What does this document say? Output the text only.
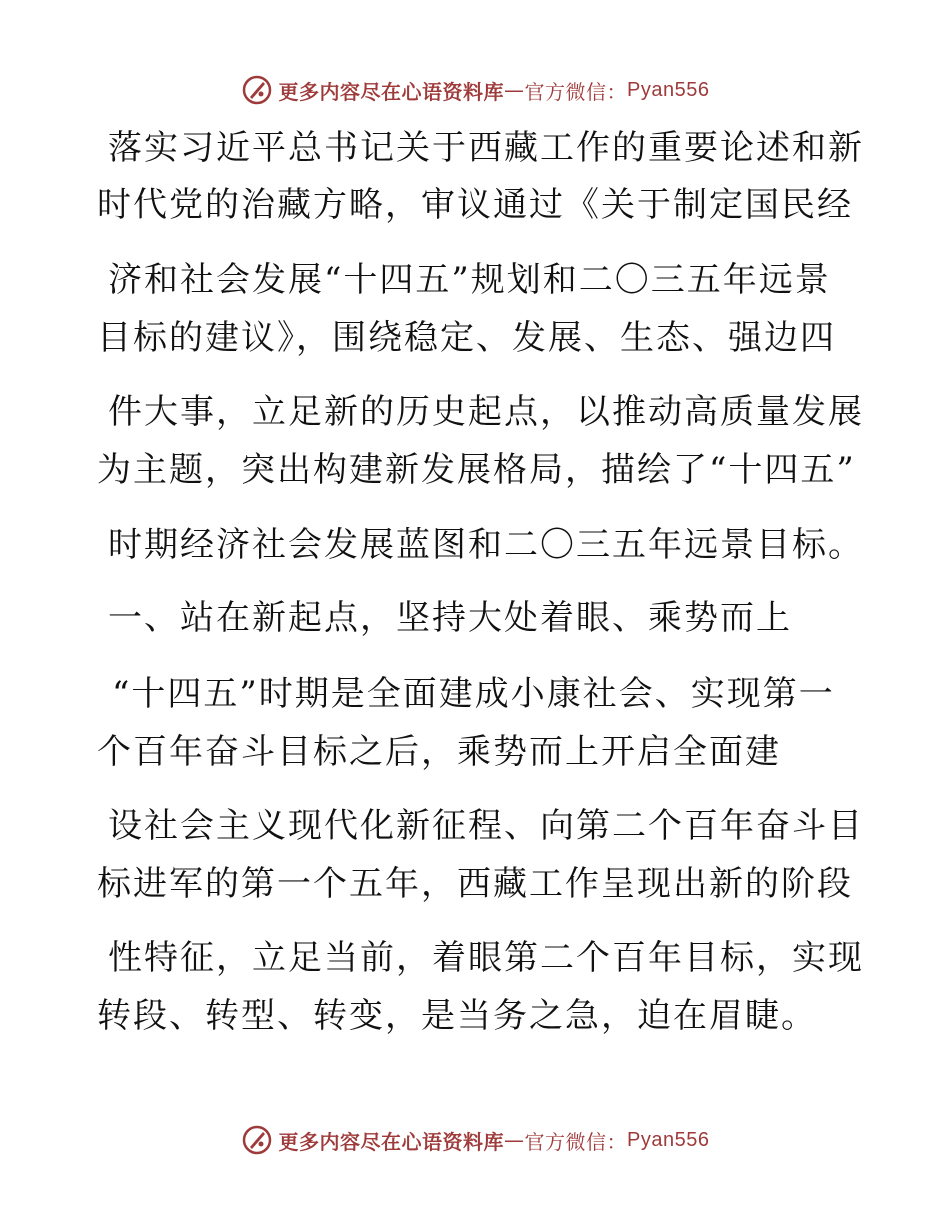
更多内容尽在心语资料库 — 官方微信： Pyan556
落实习近平总书记关于西藏工作的重要论述和新
时代党的治藏方略，审议通过《关于制定国民经
济和社会发展“十四五”规划和二〇三五年远景
目标的建议》，围绕稳定、发展、生态、强边四
件大事，立足新的历史起点，以推动高质量发展
为主题，突出构建新发展格局，描绘了“十四五”
时期经济社会发展蓝图和二〇三五年远景目标。
一、站在新起点，坚持大处着眼、乘势而上
“十四五”时期是全面建成小康社会、实现第一
个百年奋斗目标之后，乘势而上开启全面建
设社会主义现代化新征程、向第二个百年奋斗目
标进军的第一个五年，西藏工作呈现出新的阶段
性特征，立足当前，着眼第二个百年目标，实现
转段、转型、转变，是当务之急，迫在眉睫。
更多内容尽在心语资料库 — 官方微信： Pyan556
